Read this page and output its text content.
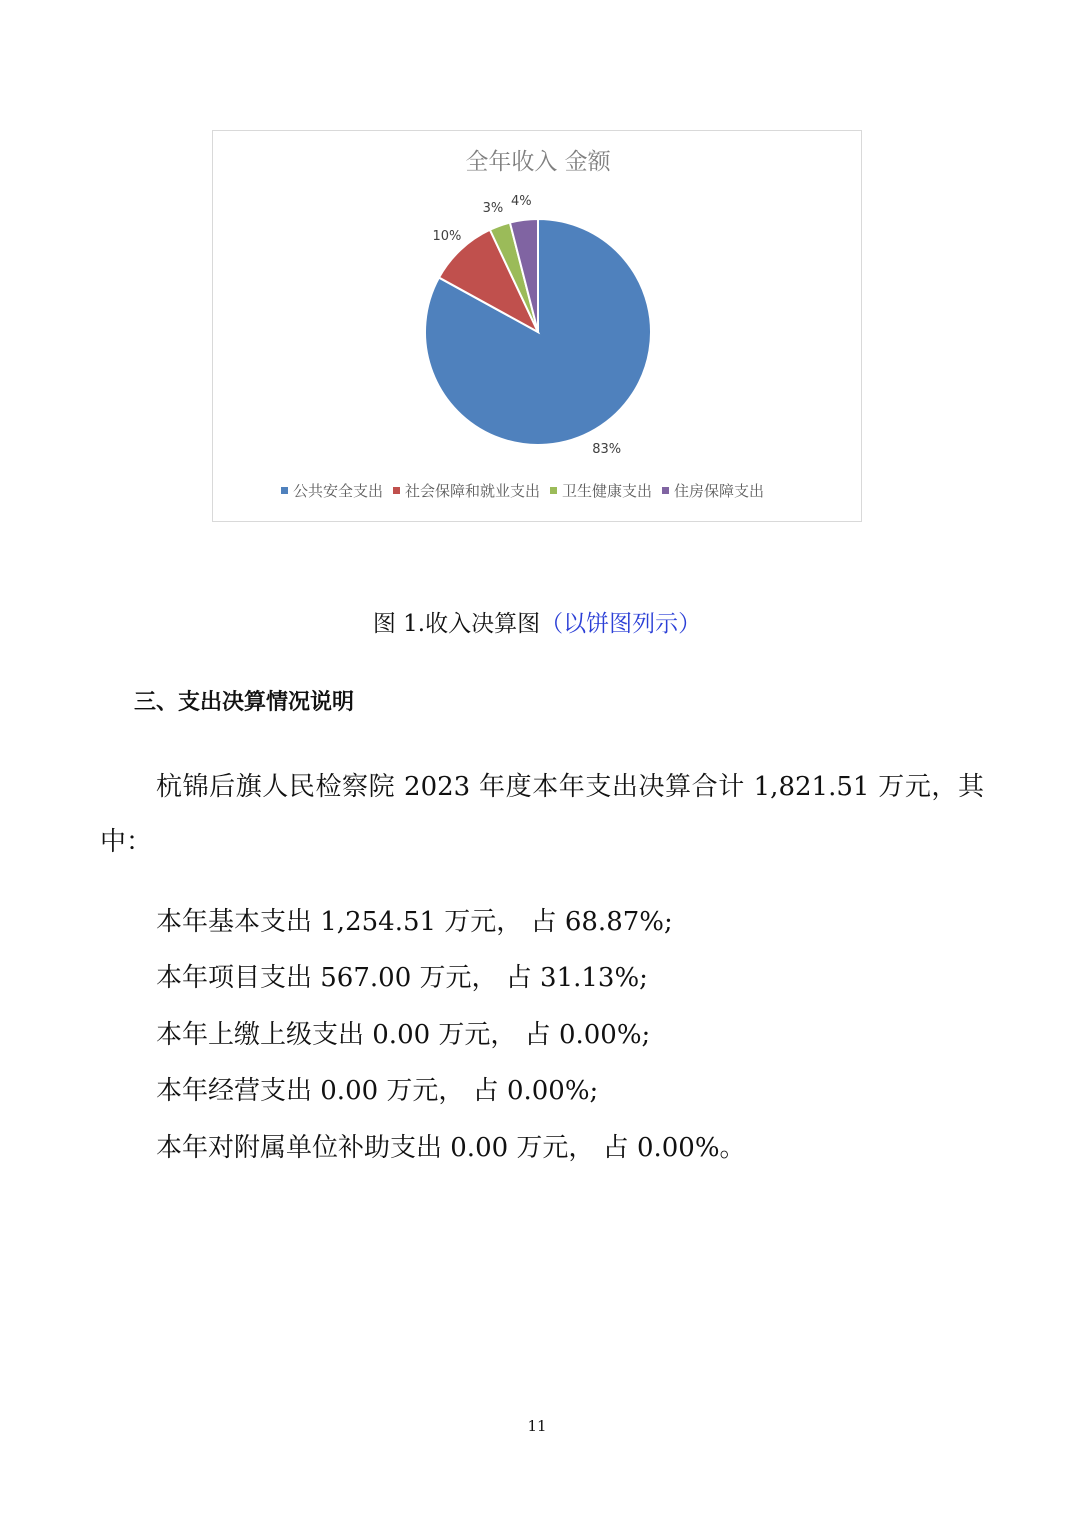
全年收入 金额
83%
10%
3% 4%
公共安全支出 社会保障和就业支出 卫生健康支出 住房保障支出
图 1.收入决算图（以饼图列示）
三、支出决算情况说明
杭锦后旗人民检察院 2023 年度本年支出决算合计 1,821.51 万元，其中：
本年基本支出 1,254.51 万元， 占 68.87%;
本年项目支出 567.00 万元， 占 31.13%;
本年上缴上级支出 0.00 万元， 占 0.00%;
本年经营支出 0.00 万元， 占 0.00%;
本年对附属单位补助支出 0.00 万元， 占 0.00%。
11
